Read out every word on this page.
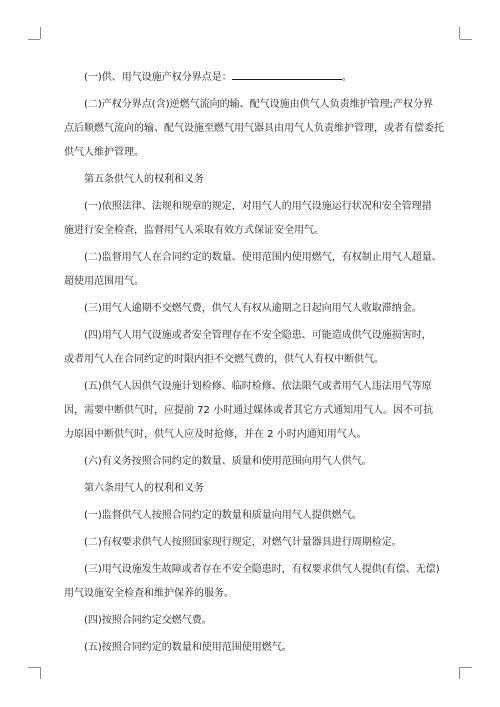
(一)供、用气设施产权分界点是：	。

(二)产权分界点(含)逆燃气流向的输、配气设施由供气人负责维护管理;产权分界
点后顺燃气流向的输、配气设施至燃气用气器具由用气人负责维护管理，或者有偿委托
供气人维护管理。

第五条供气人的权利和义务

(一)依照法律、法规和规章的规定，对用气人的用气设施运行状况和安全管理措
施进行安全检查，监督用气人采取有效方式保证安全用气。

(二)监督用气人在合同约定的数量、使用范围内使用燃气，有权制止用气人超量、
超使用范围用气。

(三)用气人逾期不交燃气费，供气人有权从逾期之日起向用气人收取滞纳金。

(四)用气人用气设施或者安全管理存在不安全隐患、可能造成供气设施损害时，
或者用气人在合同约定的时限内拒不交燃气费的，供气人有权中断供气。

(五)供气人因供气设施计划检修、临时检修、依法限气或者用气人违法用气等原
因，需要中断供气时，应提前 72 小时通过媒体或者其它方式通知用气人。因不可抗
力原因中断供气时，供气人应及时抢修，并在 2 小时内通知用气人。

(六)有义务按照合同约定的数量、质量和使用范围向用气人供气。

第六条用气人的权利和义务

(一)监督供气人按照合同约定的数量和质量向用气人提供燃气。

(二)有权要求供气人按照国家现行规定，对燃气计量器具进行周期检定。

(三)用气设施发生故障或者存在不安全隐患时，有权要求供气人提供(有偿、无偿)
用气设施安全检查和维护保养的服务。

(四)按照合同约定交燃气费。

(五)按照合同约定的数量和使用范围使用燃气。
